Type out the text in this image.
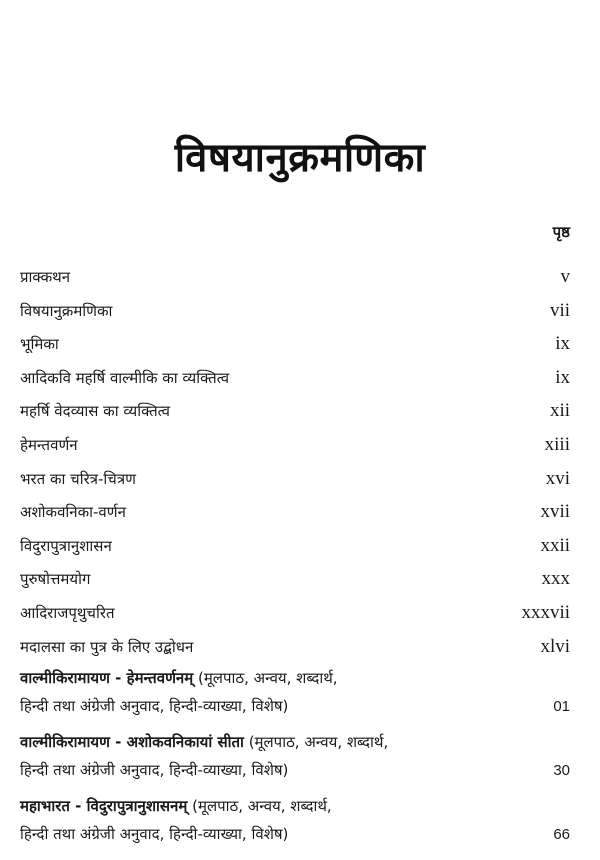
विषयानुक्रमणिका
पृष्ठ
प्राक्कथन	v
विषयानुक्रमणिका	vii
भूमिका	ix
आदिकवि महर्षि वाल्मीकि का व्यक्तित्व	ix
महर्षि वेदव्यास का व्यक्तित्व	xii
हेमन्तवर्णन	xiii
भरत का चरित्र-चित्रण	xvi
अशोकवनिका-वर्णन	xvii
विदुरापुत्रानुशासन	xxii
पुरुषोत्तमयोग	xxx
आदिराजपृथुचरित	xxxvii
मदालसा का पुत्र के लिए उद्बोधन	xlvi
वाल्मीकिरामायण - हेमन्तवर्णनम् (मूलपाठ, अन्वय, शब्दार्थ,
हिन्दी तथा अंग्रेजी अनुवाद, हिन्दी-व्याख्या, विशेष)	01
वाल्मीकिरामायण - अशोकवनिकायां सीता (मूलपाठ, अन्वय, शब्दार्थ,
हिन्दी तथा अंग्रेजी अनुवाद, हिन्दी-व्याख्या, विशेष)	30
महाभारत - विदुरापुत्रानुशासनम् (मूलपाठ, अन्वय, शब्दार्थ,
हिन्दी तथा अंग्रेजी अनुवाद, हिन्दी-व्याख्या, विशेष)	66
